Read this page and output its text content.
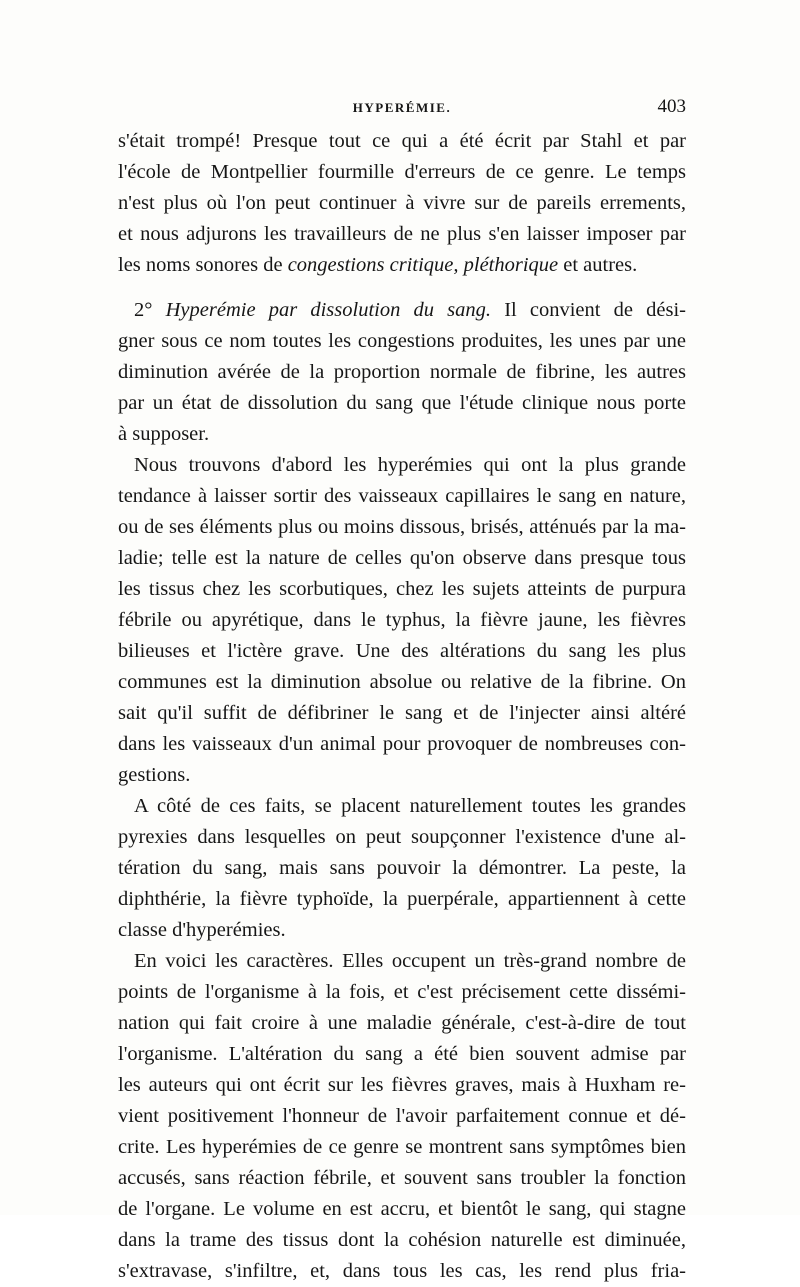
HYPERÉMIE.	403
s'était trompé! Presque tout ce qui a été écrit par Stahl et par
l'école de Montpellier fourmille d'erreurs de ce genre. Le temps
n'est plus où l'on peut continuer à vivre sur de pareils errements,
et nous adjurons les travailleurs de ne plus s'en laisser imposer par
les noms sonores de congestions critique, pléthorique et autres.
2° Hyperémie par dissolution du sang. Il convient de dési-
gner sous ce nom toutes les congestions produites, les unes par une
diminution avérée de la proportion normale de fibrine, les autres
par un état de dissolution du sang que l'étude clinique nous porte
à supposer.
Nous trouvons d'abord les hyperémies qui ont la plus grande
tendance à laisser sortir des vaisseaux capillaires le sang en nature,
ou de ses éléments plus ou moins dissous, brisés, atténués par la ma-
ladie; telle est la nature de celles qu'on observe dans presque tous
les tissus chez les scorbutiques, chez les sujets atteints de purpura
fébrile ou apyrétique, dans le typhus, la fièvre jaune, les fièvres
bilieuses et l'ictère grave. Une des altérations du sang les plus
communes est la diminution absolue ou relative de la fibrine. On
sait qu'il suffit de défibriner le sang et de l'injecter ainsi altéré
dans les vaisseaux d'un animal pour provoquer de nombreuses con-
gestions.
A côté de ces faits, se placent naturellement toutes les grandes
pyrexies dans lesquelles on peut soupçonner l'existence d'une al-
tération du sang, mais sans pouvoir la démontrer. La peste, la
diphthérie, la fièvre typhoïde, la puerpérale, appartiennent à cette
classe d'hyperémies.
En voici les caractères. Elles occupent un très-grand nombre de
points de l'organisme à la fois, et c'est précisement cette dissémi-
nation qui fait croire à une maladie générale, c'est-à-dire de tout
l'organisme. L'altération du sang a été bien souvent admise par
les auteurs qui ont écrit sur les fièvres graves, mais à Huxham re-
vient positivement l'honneur de l'avoir parfaitement connue et dé-
crite. Les hyperémies de ce genre se montrent sans symptômes bien
accusés, sans réaction fébrile, et souvent sans troubler la fonction
de l'organe. Le volume en est accru, et bientôt le sang, qui stagne
dans la trame des tissus dont la cohésion naturelle est diminuée,
s'extravase, s'infiltre, et, dans tous les cas, les rend plus fria-
